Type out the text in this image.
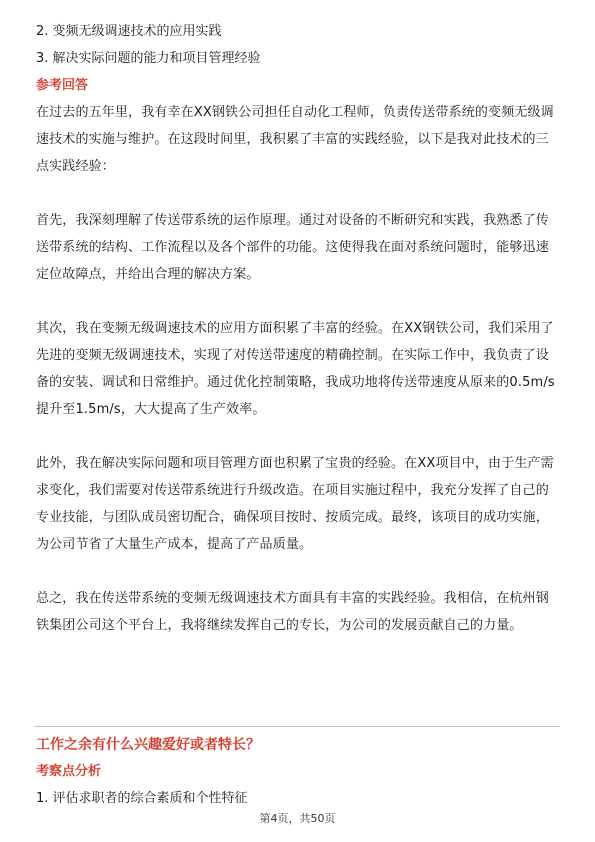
2. 变频无级调速技术的应用实践

3. 解决实际问题的能力和项目管理经验

参考回答

在过去的五年里，我有幸在XX钢铁公司担任自动化工程师，负责传送带系统的变频无级调速技术的实施与维护。在这段时间里，我积累了丰富的实践经验，以下是我对此技术的三点实践经验：

首先，我深刻理解了传送带系统的运作原理。通过对设备的不断研究和实践，我熟悉了传送带系统的结构、工作流程以及各个部件的功能。这使得我在面对系统问题时，能够迅速定位故障点，并给出合理的解决方案。

其次，我在变频无级调速技术的应用方面积累了丰富的经验。在XX钢铁公司，我们采用了先进的变频无级调速技术，实现了对传送带速度的精确控制。在实际工作中，我负责了设备的安装、调试和日常维护。通过优化控制策略，我成功地将传送带速度从原来的0.5m/s提升至1.5m/s，大大提高了生产效率。

此外，我在解决实际问题和项目管理方面也积累了宝贵的经验。在XX项目中，由于生产需求变化，我们需要对传送带系统进行升级改造。在项目实施过程中，我充分发挥了自己的专业技能，与团队成员密切配合，确保项目按时、按质完成。最终，该项目的成功实施，为公司节省了大量生产成本，提高了产品质量。

总之，我在传送带系统的变频无级调速技术方面具有丰富的实践经验。我相信，在杭州钢铁集团公司这个平台上，我将继续发挥自己的专长，为公司的发展贡献自己的力量。

工作之余有什么兴趣爱好或者特长？

考察点分析

1. 评估求职者的综合素质和个性特征

第4页，共50页
